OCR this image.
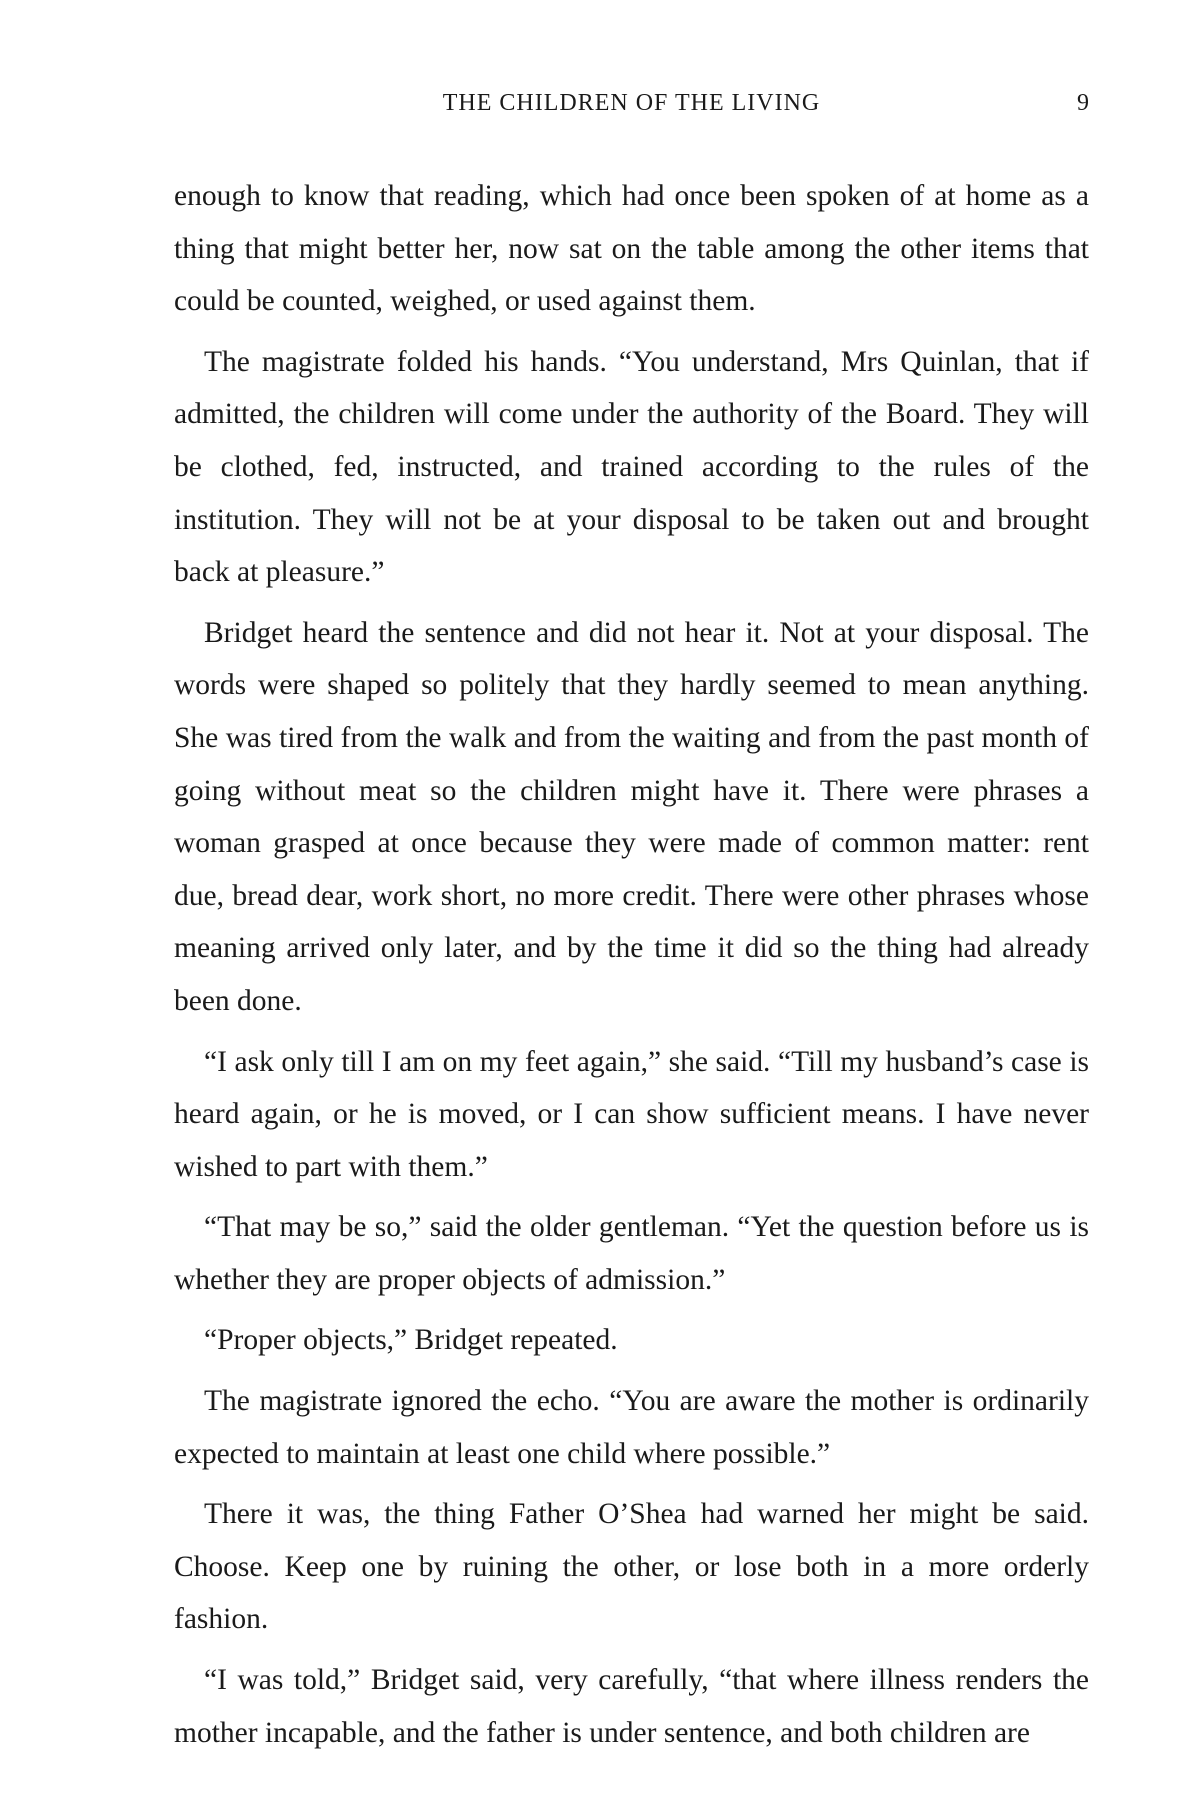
THE CHILDREN OF THE LIVING	9

enough to know that reading, which had once been spoken of at home as a thing that might better her, now sat on the table among the other items that could be counted, weighed, or used against them.

The magistrate folded his hands. “You understand, Mrs Quinlan, that if admitted, the children will come under the authority of the Board. They will be clothed, fed, instructed, and trained according to the rules of the institution. They will not be at your disposal to be taken out and brought back at pleasure.”

Bridget heard the sentence and did not hear it. Not at your disposal. The words were shaped so politely that they hardly seemed to mean anything. She was tired from the walk and from the waiting and from the past month of going without meat so the children might have it. There were phrases a woman grasped at once because they were made of common matter: rent due, bread dear, work short, no more credit. There were other phrases whose meaning arrived only later, and by the time it did so the thing had already been done.

“I ask only till I am on my feet again,” she said. “Till my husband’s case is heard again, or he is moved, or I can show sufficient means. I have never wished to part with them.”

“That may be so,” said the older gentleman. “Yet the question before us is whether they are proper objects of admission.”

“Proper objects,” Bridget repeated.

The magistrate ignored the echo. “You are aware the mother is ordinarily expected to maintain at least one child where possible.”

There it was, the thing Father O’Shea had warned her might be said. Choose. Keep one by ruining the other, or lose both in a more orderly fashion.

“I was told,” Bridget said, very carefully, “that where illness renders the mother incapable, and the father is under sentence, and both children are
